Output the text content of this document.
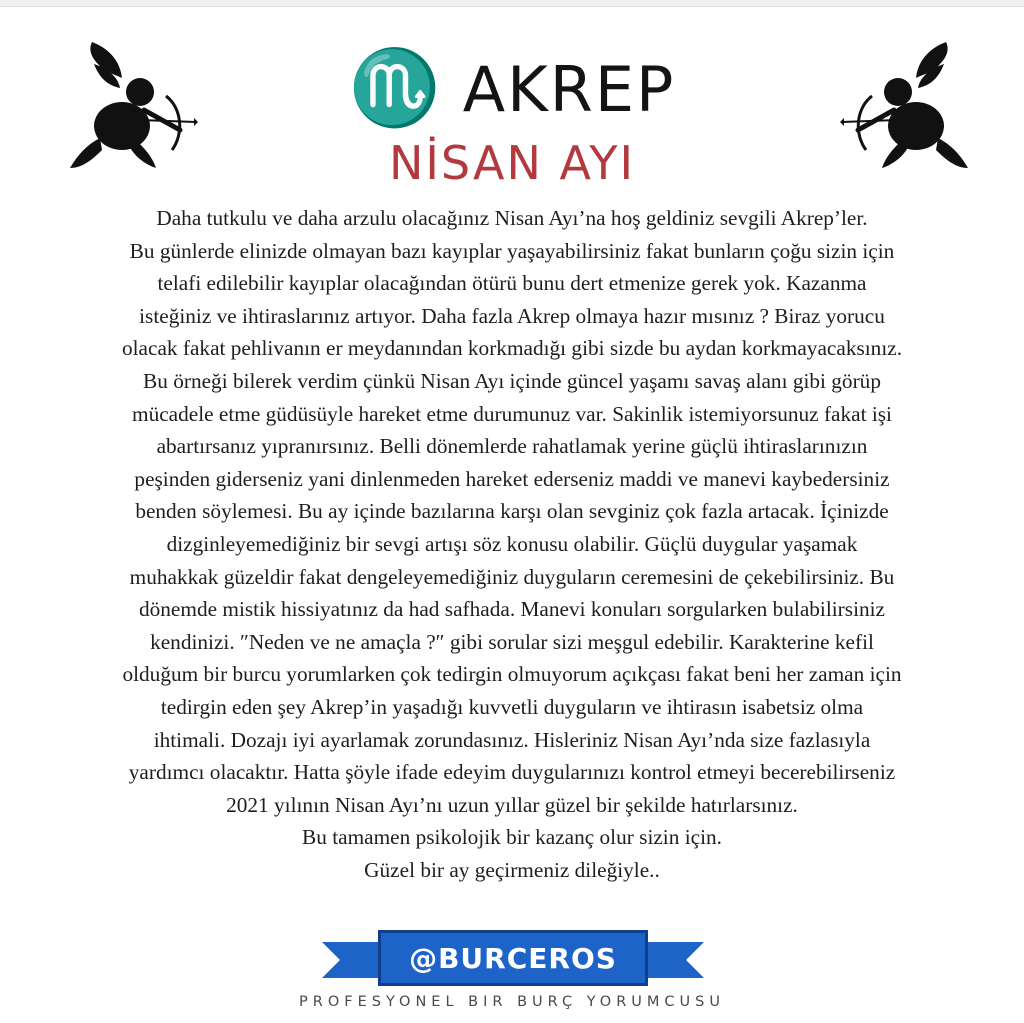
♏ AKREP
NİSAN AYI
Daha tutkulu ve daha arzulu olacağınız Nisan Ayı’na hoş geldiniz sevgili Akrep’ler.
Bu günlerde elinizde olmayan bazı kayıplar yaşayabilirsiniz fakat bunların çoğu sizin için
telafi edilebilir kayıplar olacağından ötürü bunu dert etmenize gerek yok. Kazanma
isteğiniz ve ihtiraslarınız artıyor. Daha fazla Akrep olmaya hazır mısınız ? Biraz yorucu
olacak fakat pehlivanın er meydanından korkmadığı gibi sizde bu aydan korkmayacaksınız.
Bu örneği bilerek verdim çünkü Nisan Ayı içinde güncel yaşamı savaş alanı gibi görüp
mücadele etme güdüsüyle hareket etme durumunuz var. Sakinlik istemiyorsunuz fakat işi
abartırsanız yıpranırsınız. Belli dönemlerde rahatlamak yerine güçlü ihtiraslarınızın
peşinden giderseniz yani dinlenmeden hareket ederseniz maddi ve manevi kaybedersiniz
benden söylemesi. Bu ay içinde bazılarına karşı olan sevginiz çok fazla artacak. İçinizde
dizginleyemediğiniz bir sevgi artışı söz konusu olabilir. Güçlü duygular yaşamak
muhakkak güzeldir fakat dengeleyemediğiniz duyguların ceremesini de çekebilirsiniz. Bu
dönemde mistik hissiyatınız da had safhada. Manevi konuları sorgularken bulabilirsiniz
kendinizi. ″Neden ve ne amaçla ?″ gibi sorular sizi meşgul edebilir. Karakterine kefil
olduğum bir burcu yorumlarken çok tedirgin olmuyorum açıkçası fakat beni her zaman için
tedirgin eden şey Akrep’in yaşadığı kuvvetli duyguların ve ihtirasın isabetsiz olma
ihtimali. Dozajı iyi ayarlamak zorundasınız. Hisleriniz Nisan Ayı’nda size fazlasıyla
yardımcı olacaktır. Hatta şöyle ifade edeyim duygularınızı kontrol etmeyi becerebilirseniz
2021 yılının Nisan Ayı’nı uzun yıllar güzel bir şekilde hatırlarsınız.
Bu tamamen psikolojik bir kazanç olur sizin için.
Güzel bir ay geçirmeniz dileğiyle..
@BURCEROS
PROFESYONEL BIR BURÇ YORUMCUSU
